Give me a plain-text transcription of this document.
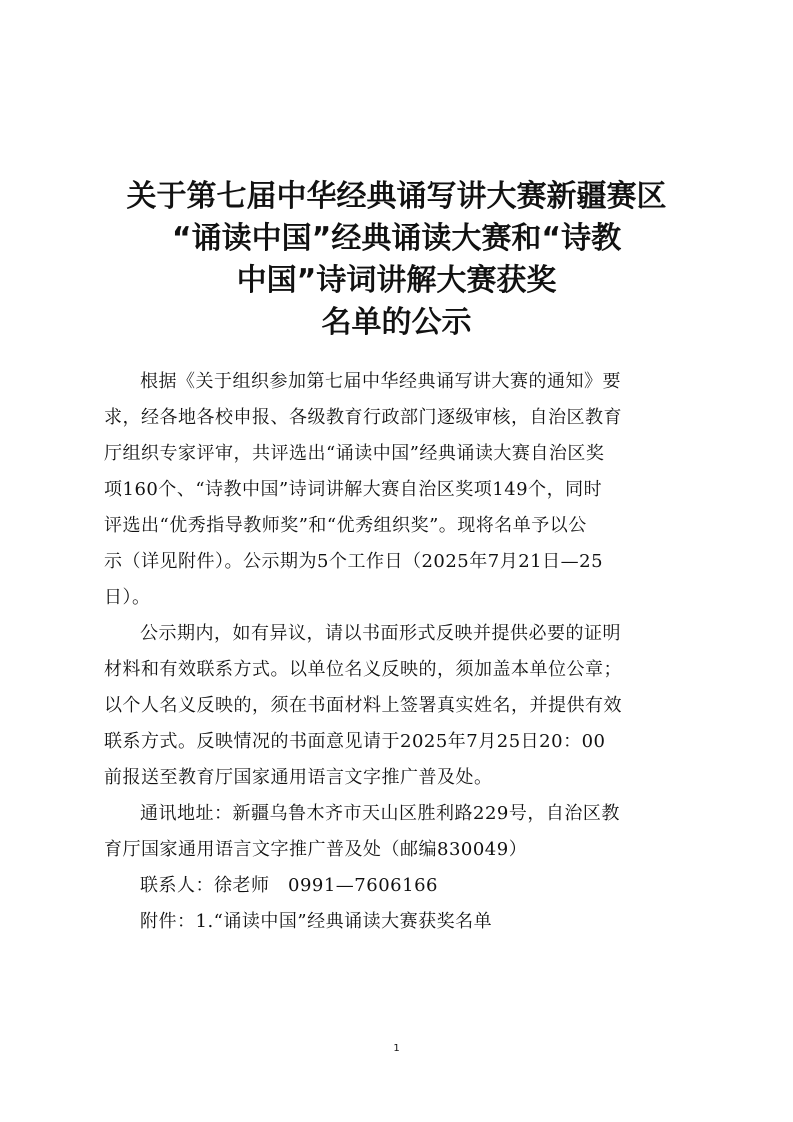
关于第七届中华经典诵写讲大赛新疆赛区
“诵读中国”经典诵读大赛和“诗教
中国”诗词讲解大赛获奖
名单的公示

根据《关于组织参加第七届中华经典诵写讲大赛的通知》要
求，经各地各校申报、各级教育行政部门逐级审核，自治区教育
厅组织专家评审，共评选出“诵读中国”经典诵读大赛自治区奖
项160个、“诗教中国”诗词讲解大赛自治区奖项149个，同时
评选出“优秀指导教师奖”和“优秀组织奖”。现将名单予以公
示（详见附件）。公示期为5个工作日（2025年7月21日—25
日）。

公示期内，如有异议，请以书面形式反映并提供必要的证明
材料和有效联系方式。以单位名义反映的，须加盖本单位公章；
以个人名义反映的，须在书面材料上签署真实姓名，并提供有效
联系方式。反映情况的书面意见请于2025年7月25日20：00
前报送至教育厅国家通用语言文字推广普及处。

通讯地址：新疆乌鲁木齐市天山区胜利路229号，自治区教
育厅国家通用语言文字推广普及处（邮编830049）

联系人：徐老师　0991—7606166

附件：1.“诵读中国”经典诵读大赛获奖名单

1
